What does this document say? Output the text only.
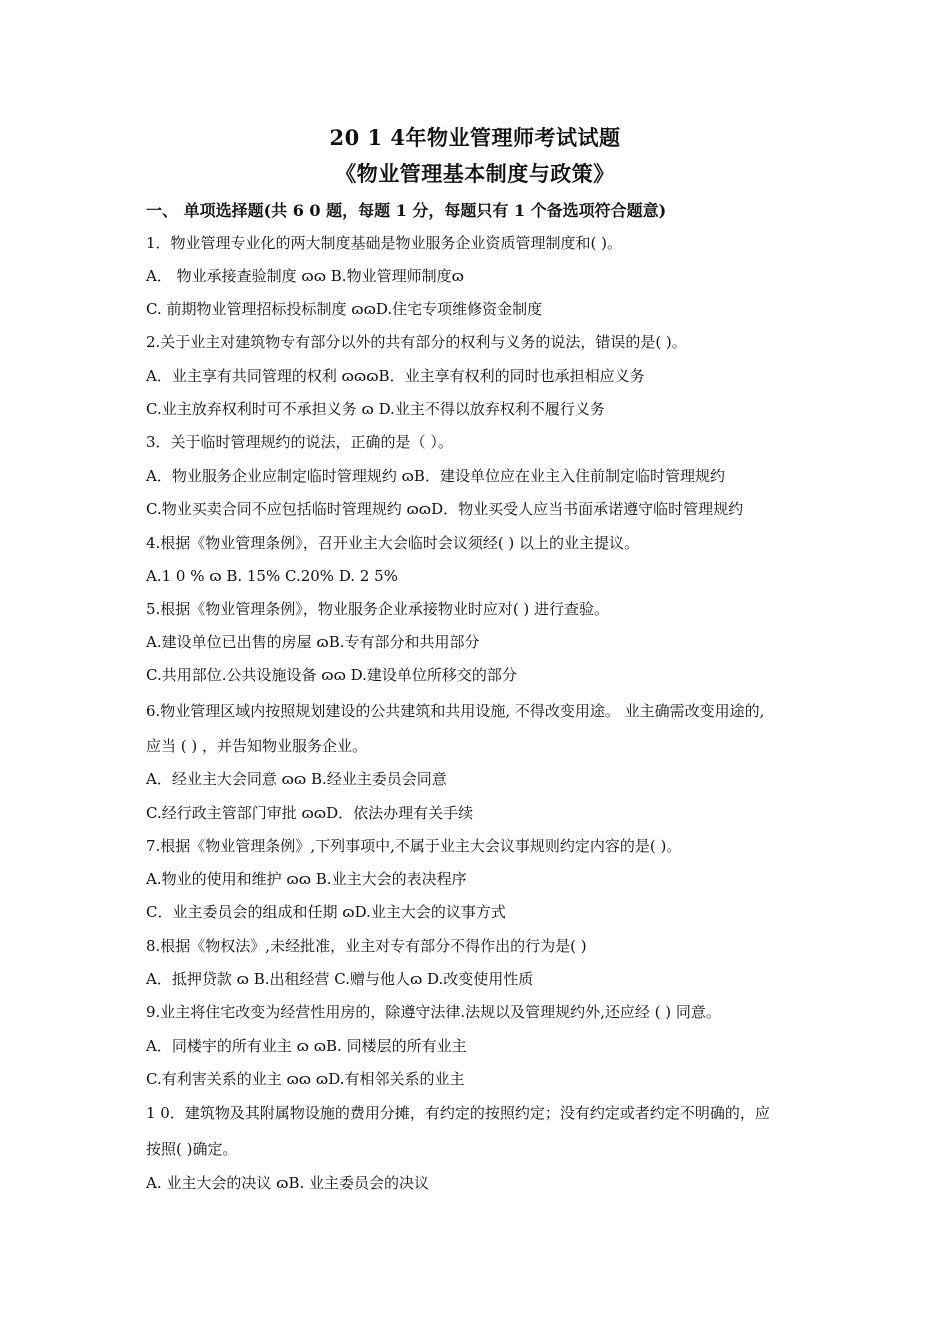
20 1 4年物业管理师考试试题
《物业管理基本制度与政策》
一、 单项选择题(共 6 0 题，每题 1 分，每题只有 1 个备选项符合题意)
1．物业管理专业化的两大制度基础是物业服务企业资质管理制度和( )。
A． 物业承接查验制度 ɷɷ B.物业管理师制度ɷ
C. 前期物业管理招标投标制度 ɷɷD.住宅专项维修资金制度
2.关于业主对建筑物专有部分以外的共有部分的权利与义务的说法，错误的是( )。
A．业主享有共同管理的权利 ɷɷɷB．业主享有权利的同时也承担相应义务
C.业主放弃权利时可不承担义务 ɷ D.业主不得以放弃权利不履行义务
3．关于临时管理规约的说法，正确的是（ ）。
A．物业服务企业应制定临时管理规约 ɷB．建设单位应在业主入住前制定临时管理规约
C.物业买卖合同不应包括临时管理规约 ɷɷD．物业买受人应当书面承诺遵守临时管理规约
4.根据《物业管理条例》，召开业主大会临时会议须经( ) 以上的业主提议。
A.1 0 % ɷ B. 15% C.20% D. 2 5%
5.根据《物业管理条例》，物业服务企业承接物业时应对( ) 进行查验。
A.建设单位已出售的房屋 ɷB.专有部分和共用部分
C.共用部位.公共设施设备 ɷɷ D.建设单位所移交的部分
6.物业管理区域内按照规划建设的公共建筑和共用设施, 不得改变用途。 业主确需改变用途的,
应当 ( ) ，并告知物业服务企业。
A．经业主大会同意 ɷɷ B.经业主委员会同意
C.经行政主管部门审批 ɷɷD．依法办理有关手续
7.根据《物业管理条例》,下列事项中,不属于业主大会议事规则约定内容的是( )。
A.物业的使用和维护 ɷɷ B.业主大会的表决程序
C．业主委员会的组成和任期 ɷD.业主大会的议事方式
8.根据《物权法》,未经批准，业主对专有部分不得作出的行为是( )
A．抵押贷款 ɷ B.出租经营 C.赠与他人ɷ D.改变使用性质
9.业主将住宅改变为经营性用房的，除遵守法律.法规以及管理规约外,还应经 ( ) 同意。
A．同楼宇的所有业主 ɷ ɷB. 同楼层的所有业主
C.有利害关系的业主 ɷɷ ɷD.有相邻关系的业主
1 0．建筑物及其附属物设施的费用分摊，有约定的按照约定；没有约定或者约定不明确的，应
按照( )确定。
A. 业主大会的决议 ɷB. 业主委员会的决议
